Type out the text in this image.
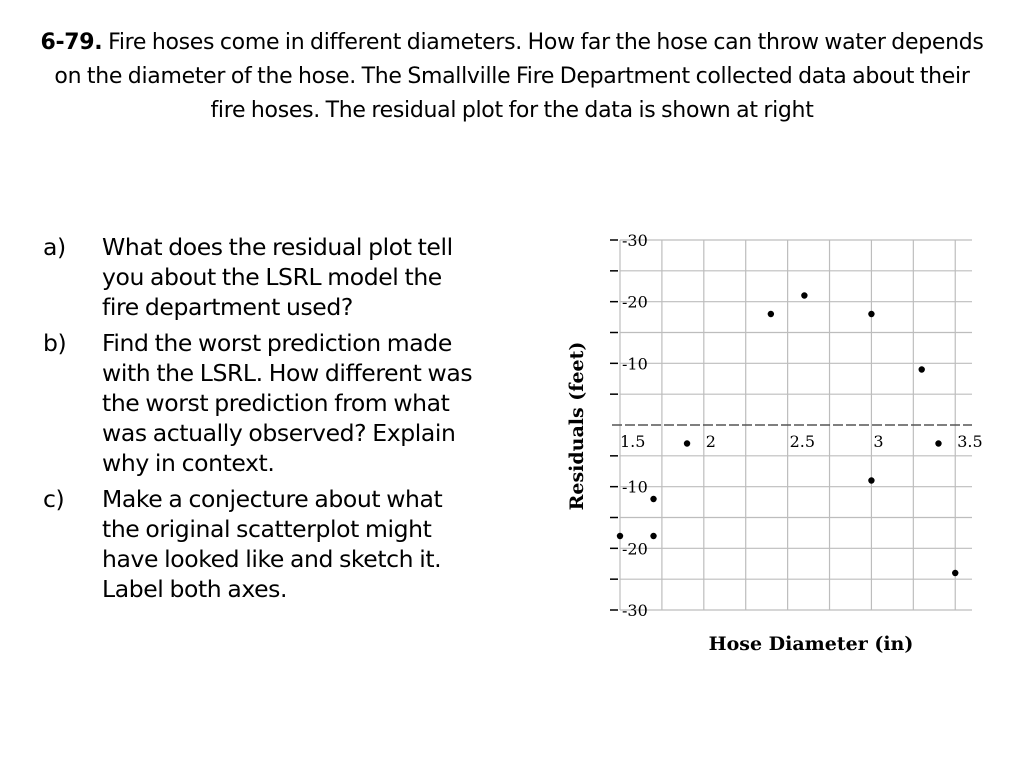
6-79. Fire hoses come in different diameters. How far the hose can throw water depends on the diameter of the hose. The Smallville Fire Department collected data about their fire hoses. The residual plot for the data is shown at right
a) What does the residual plot tell you about the LSRL model the fire department used?
b) Find the worst prediction made with the LSRL. How different was the worst prediction from what was actually observed? Explain why in context.
c) Make a conjecture about what the original scatterplot might have looked like and sketch it. Label both axes.
-30
-20
-10
-10
-20
-30
1.5	2	2.5	3	3.5
Residuals (feet)
Hose Diameter (in)
